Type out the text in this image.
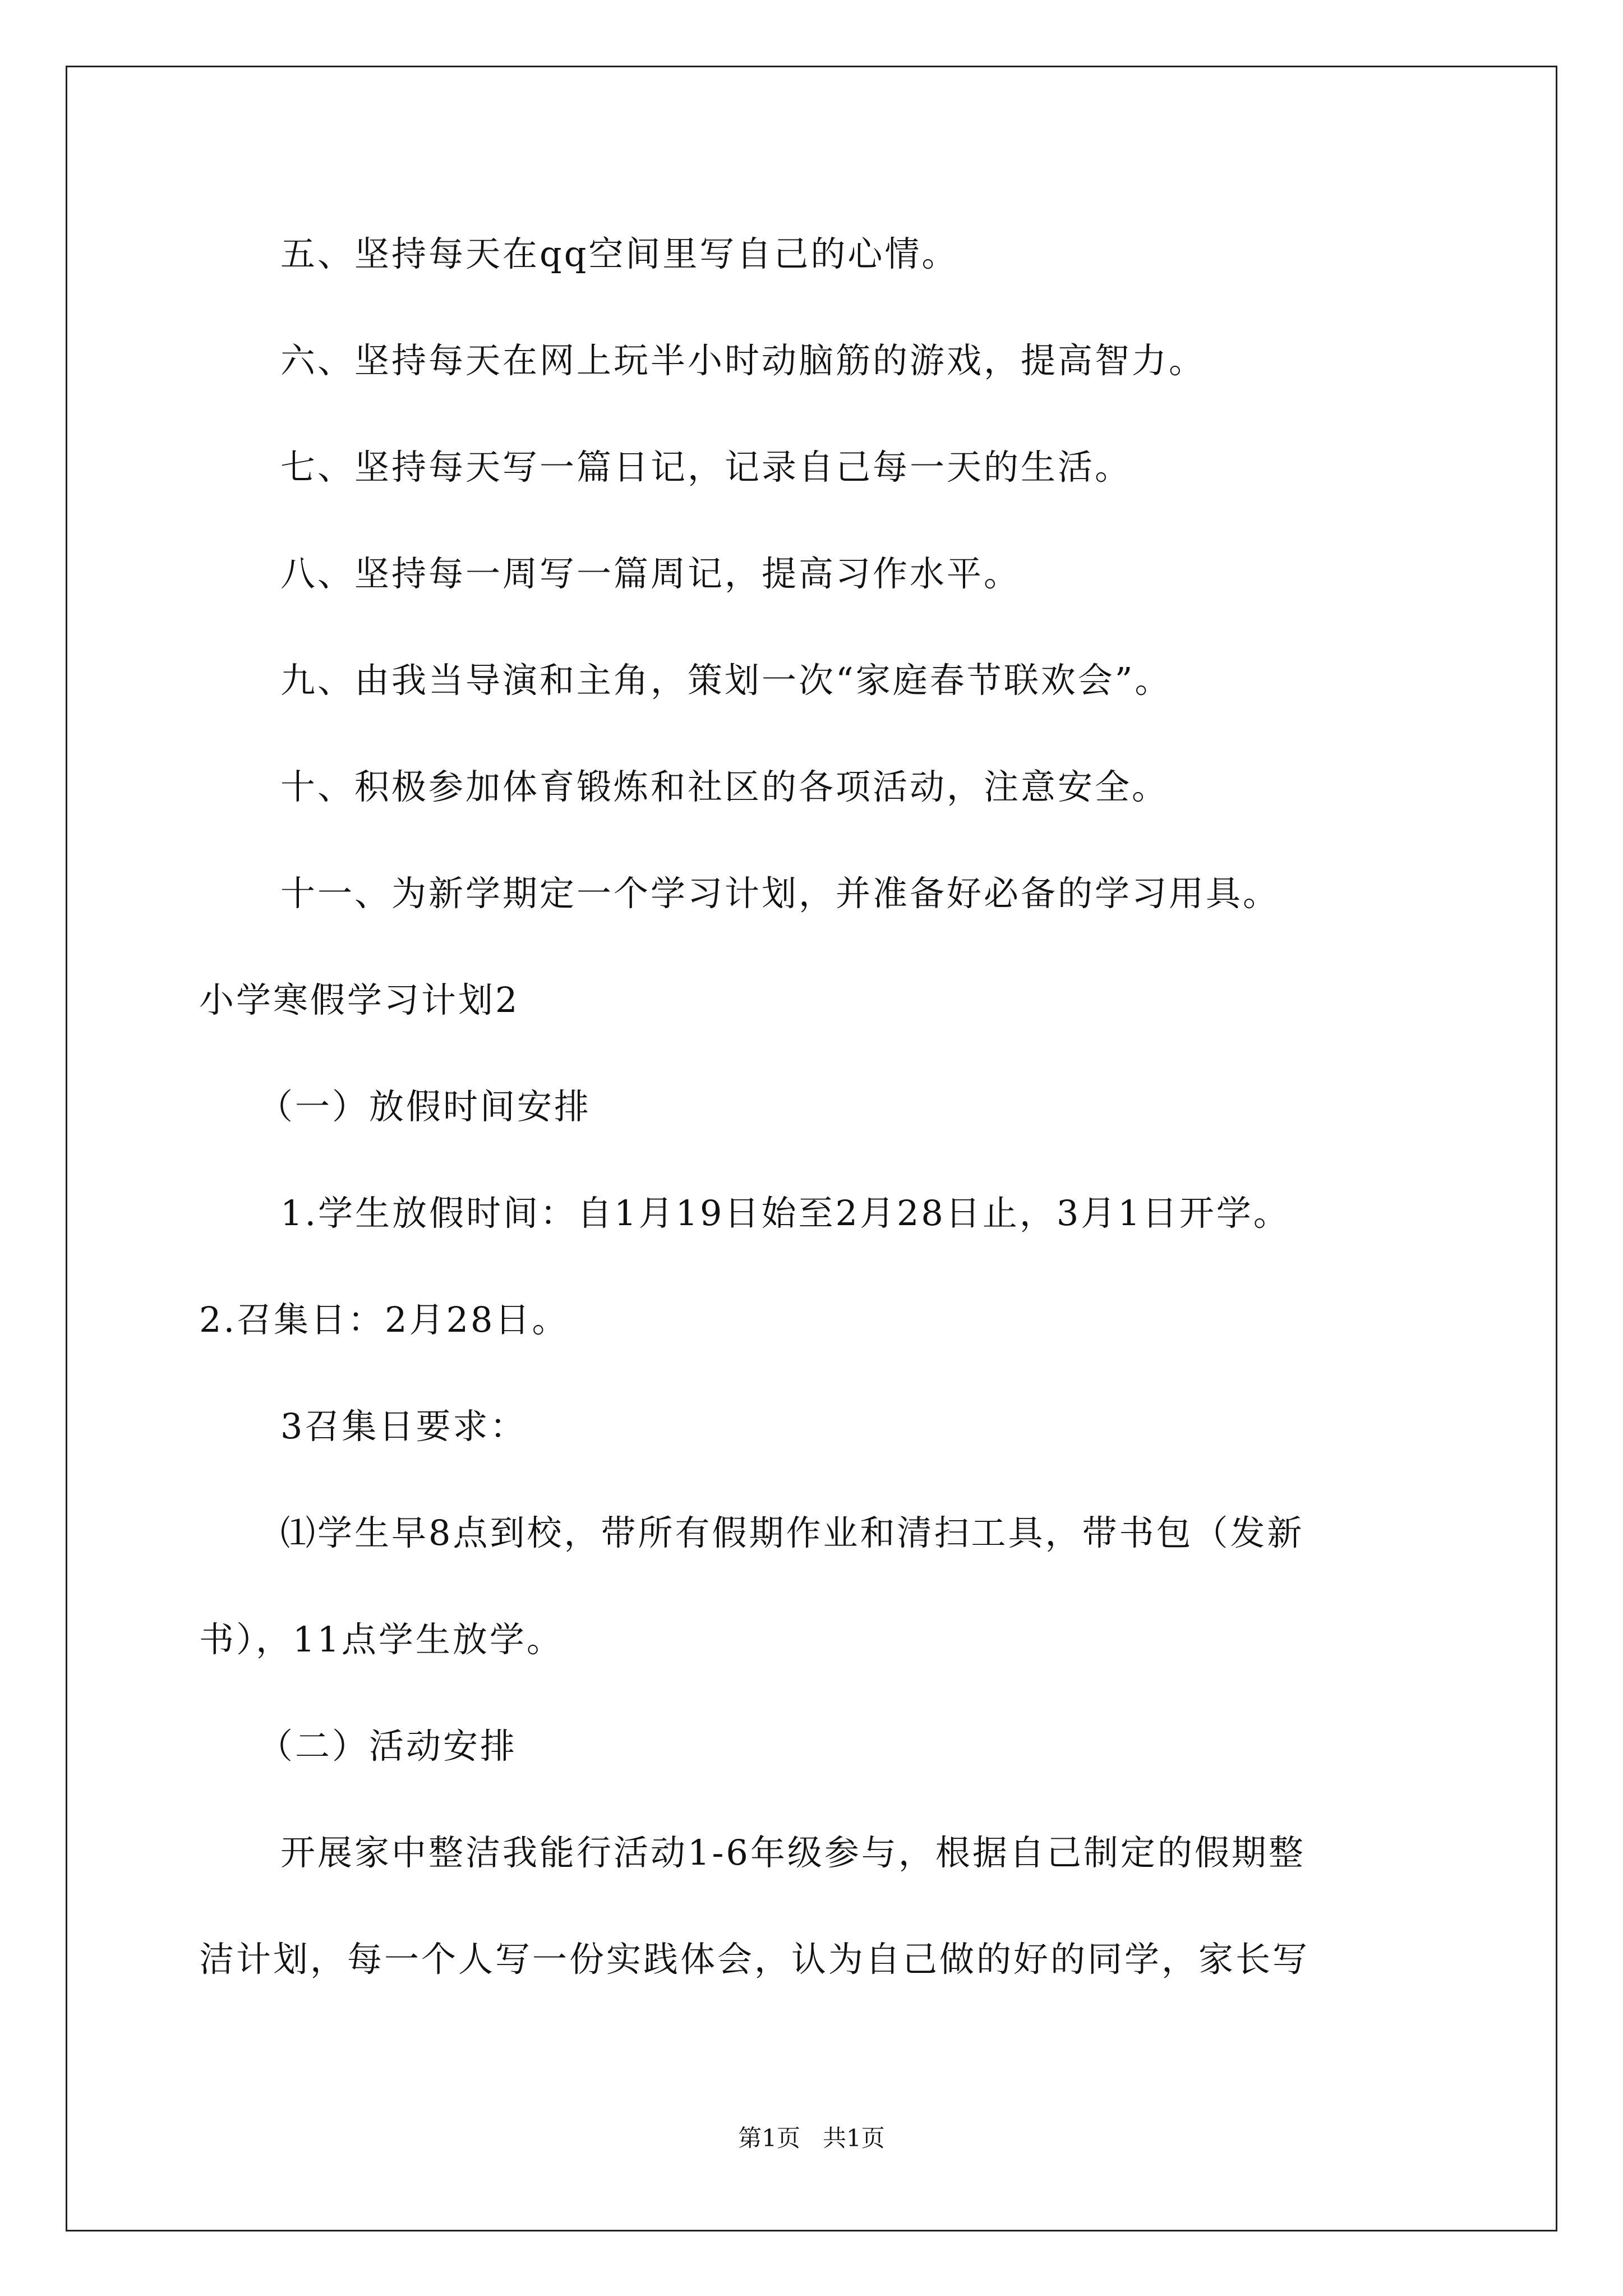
五、坚持每天在qq空间里写自己的心情。
六、坚持每天在网上玩半小时动脑筋的游戏，提高智力。
七、坚持每天写一篇日记，记录自己每一天的生活。
八、坚持每一周写一篇周记，提高习作水平。
九、由我当导演和主角，策划一次“家庭春节联欢会”。
十、积极参加体育锻炼和社区的各项活动，注意安全。
十一、为新学期定一个学习计划，并准备好必备的学习用具。
小学寒假学习计划2
（一）放假时间安排
1.学生放假时间：自1月19日始至2月28日止，3月1日开学。
2.召集日：2月28日。
3召集日要求：
⑴学生早8点到校，带所有假期作业和清扫工具，带书包（发新
书），11点学生放学。
（二）活动安排
开展家中整洁我能行活动1-6年级参与，根据自己制定的假期整
洁计划，每一个人写一份实践体会，认为自己做的好的同学，家长写
第1页   共1页
